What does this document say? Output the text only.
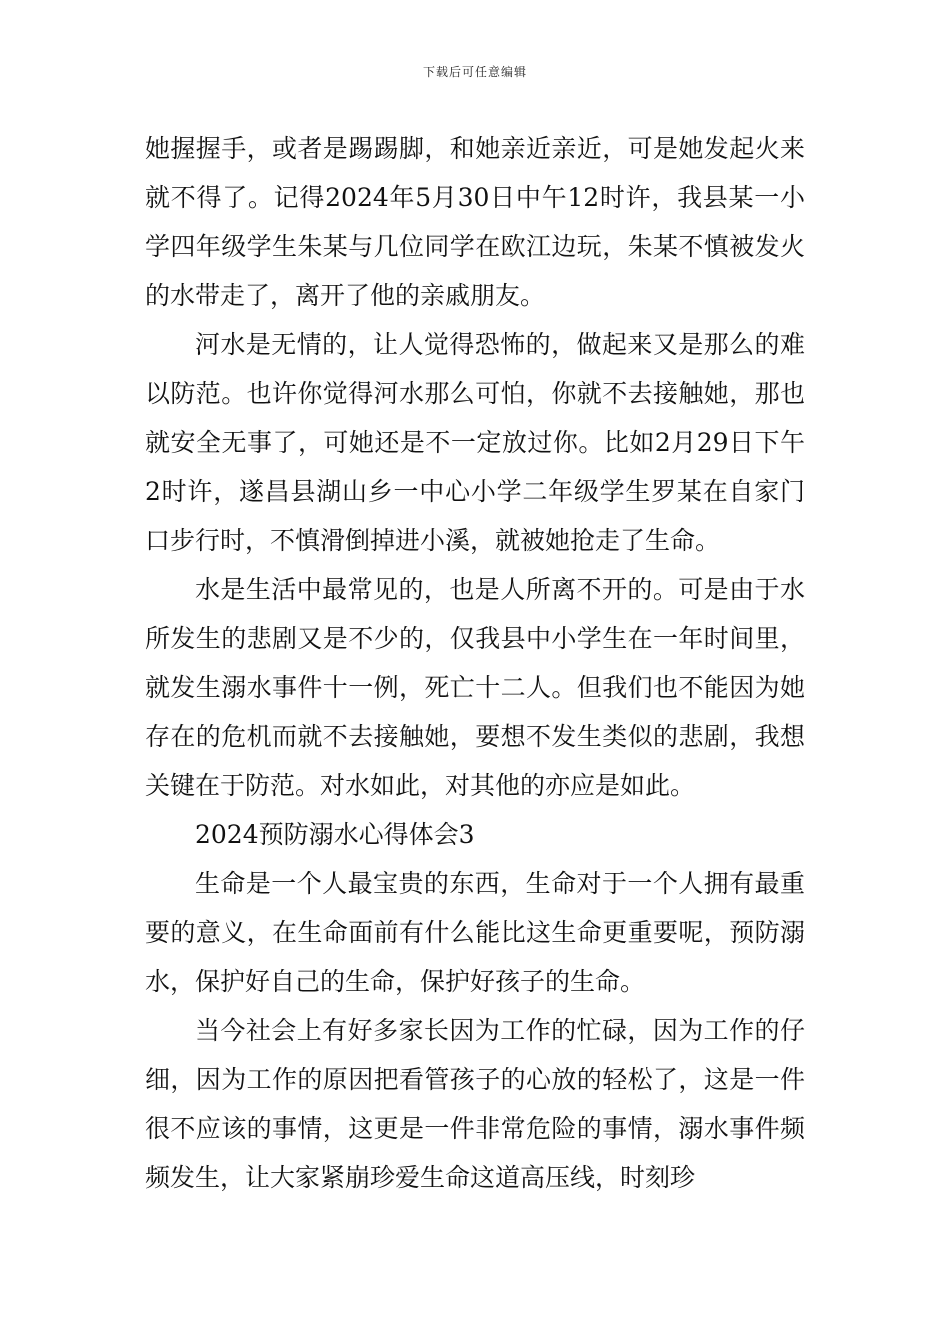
下载后可任意编辑

她握握手，或者是踢踢脚，和她亲近亲近，可是她发起火来就不得了。记得2024年5月30日中午12时许，我县某一小学四年级学生朱某与几位同学在欧江边玩，朱某不慎被发火的水带走了，离开了他的亲戚朋友。

河水是无情的，让人觉得恐怖的，做起来又是那么的难以防范。也许你觉得河水那么可怕，你就不去接触她，那也就安全无事了，可她还是不一定放过你。比如2月29日下午2时许，遂昌县湖山乡一中心小学二年级学生罗某在自家门口步行时，不慎滑倒掉进小溪，就被她抢走了生命。

水是生活中最常见的，也是人所离不开的。可是由于水所发生的悲剧又是不少的，仅我县中小学生在一年时间里，就发生溺水事件十一例，死亡十二人。但我们也不能因为她存在的危机而就不去接触她，要想不发生类似的悲剧，我想关键在于防范。对水如此，对其他的亦应是如此。

2024预防溺水心得体会3

生命是一个人最宝贵的东西，生命对于一个人拥有最重要的意义，在生命面前有什么能比这生命更重要呢，预防溺水，保护好自己的生命，保护好孩子的生命。

当今社会上有好多家长因为工作的忙碌，因为工作的仔细，因为工作的原因把看管孩子的心放的轻松了，这是一件很不应该的事情，这更是一件非常危险的事情，溺水事件频频发生，让大家紧崩珍爱生命这道高压线，时刻珍
